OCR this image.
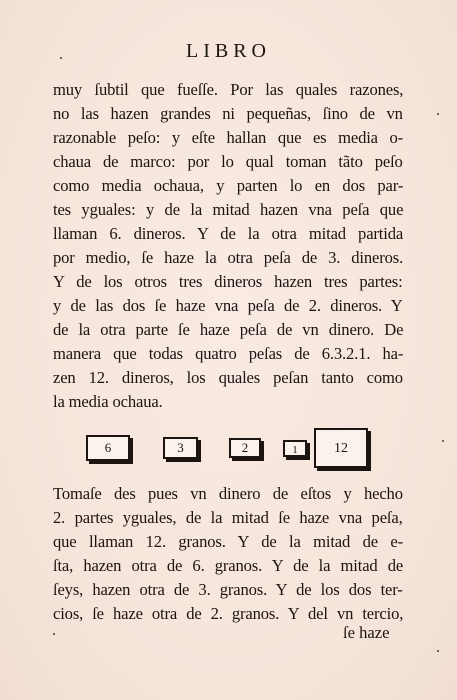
LIBRO
muy ſubtil que fueſſe. Por las quales razones,
no las hazen grandes ni pequeñas, ſino de vn
razonable peſo: y eſte hallan que es media o-
chaua de marco: por lo qual toman tãto peſo
como media ochaua, y parten lo en dos par-
tes yguales: y de la mitad hazen vna peſa que
llaman 6. dineros. Y de la otra mitad partida
por medio, ſe haze la otra peſa de 3. dineros.
Y de los otros tres dineros hazen tres partes:
y de las dos ſe haze vna peſa de 2. dineros. Y
de la otra parte ſe haze peſa de vn dinero. De
manera que todas quatro peſas de 6.3.2.1. ha-
zen 12. dineros, los quales peſan tanto como
la media ochaua.
6	3	2	1	12
Tomaſe des pues vn dinero de eſtos y hecho
2. partes yguales, de la mitad ſe haze vna peſa,
que llaman 12. granos. Y de la mitad de e-
ſta, hazen otra de 6. granos. Y de la mitad de
ſeys, hazen otra de 3. granos. Y de los dos ter-
cios, ſe haze otra de 2. granos. Y del vn tercio,
ſe haze
